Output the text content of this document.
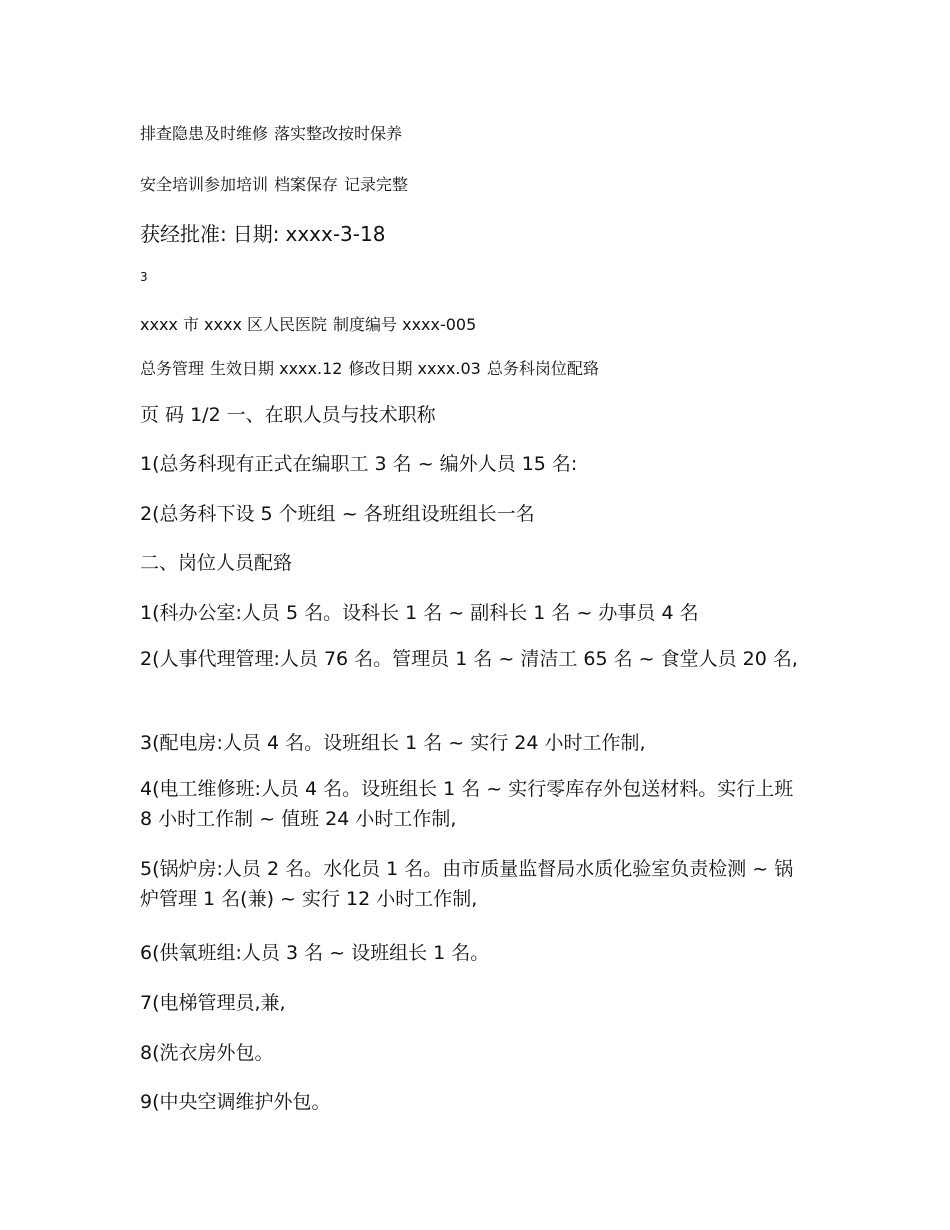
排查隐患及时维修 落实整改按时保养

安全培训参加培训 档案保存 记录完整

获经批准: 日期: xxxx-3-18

3

xxxx 市 xxxx 区人民医院 制度编号 xxxx-005

总务管理 生效日期 xxxx.12 修改日期 xxxx.03 总务科岗位配臵

页 码 1/2 一、在职人员与技术职称

1(总务科现有正式在编职工 3 名 ~ 编外人员 15 名:

2(总务科下设 5 个班组 ~ 各班组设班组长一名

二、岗位人员配臵

1(科办公室:人员 5 名。设科长 1 名 ~ 副科长 1 名 ~ 办事员 4 名

2(人事代理管理:人员 76 名。管理员 1 名 ~ 清洁工 65 名 ~ 食堂人员 20 名,

3(配电房:人员 4 名。设班组长 1 名 ~ 实行 24 小时工作制,

4(电工维修班:人员 4 名。设班组长 1 名 ~ 实行零库存外包送材料。实行上班 8 小时工作制 ~ 值班 24 小时工作制,

5(锅炉房:人员 2 名。水化员 1 名。由市质量监督局水质化验室负责检测 ~ 锅炉管理 1 名(兼) ~ 实行 12 小时工作制,

6(供氧班组:人员 3 名 ~ 设班组长 1 名。

7(电梯管理员,兼,

8(洗衣房外包。

9(中央空调维护外包。
